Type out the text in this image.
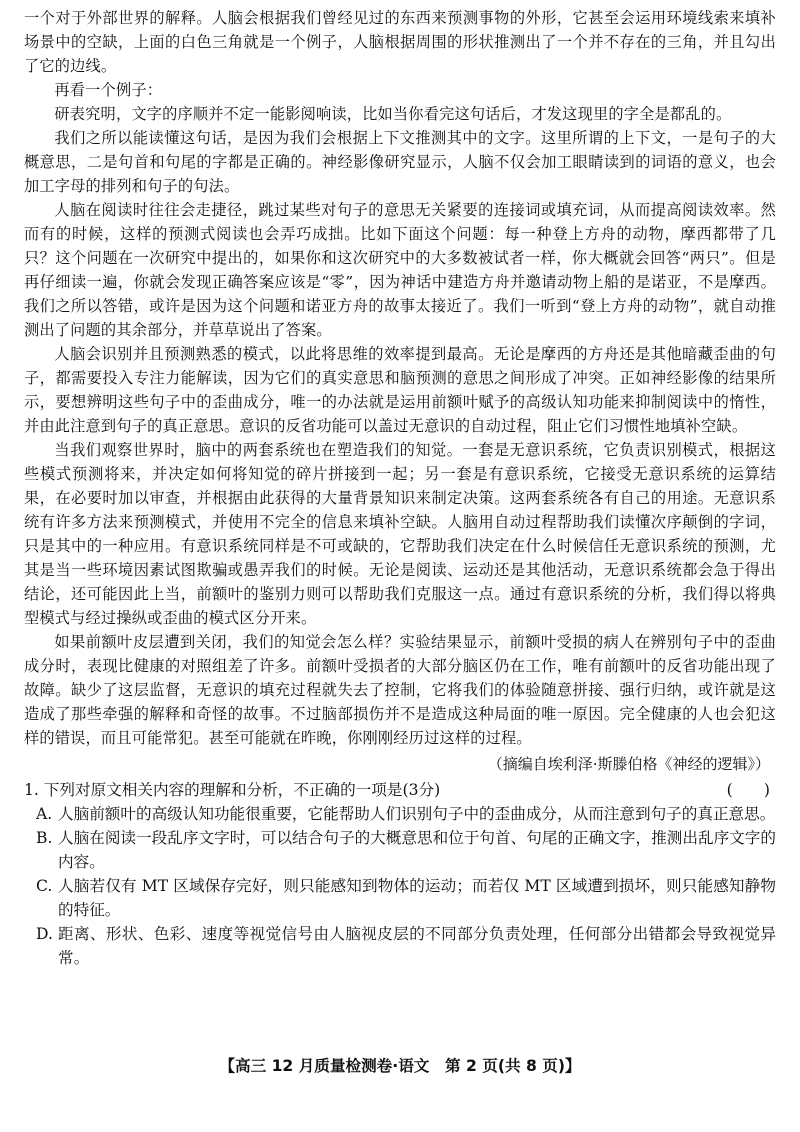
一个对于外部世界的解释。人脑会根据我们曾经见过的东西来预测事物的外形，它甚至会运用环境线索来填补场景中的空缺，上面的白色三角就是一个例子，人脑根据周围的形状推测出了一个并不存在的三角，并且勾出了它的边线。

再看一个例子：

研表究明，文字的序顺并不定一能影阅响读，比如当你看完这句话后，才发这现里的字全是都乱的。

我们之所以能读懂这句话，是因为我们会根据上下文推测其中的文字。这里所谓的上下文，一是句子的大概意思，二是句首和句尾的字都是正确的。神经影像研究显示，人脑不仅会加工眼睛读到的词语的意义，也会加工字母的排列和句子的句法。

人脑在阅读时往往会走捷径，跳过某些对句子的意思无关紧要的连接词或填充词，从而提高阅读效率。然而有的时候，这样的预测式阅读也会弄巧成拙。比如下面这个问题：每一种登上方舟的动物，摩西都带了几只？这个问题在一次研究中提出的，如果你和这次研究中的大多数被试者一样，你大概就会回答“两只”。但是再仔细读一遍，你就会发现正确答案应该是“零”，因为神话中建造方舟并邀请动物上船的是诺亚，不是摩西。我们之所以答错，或许是因为这个问题和诺亚方舟的故事太接近了。我们一听到“登上方舟的动物”，就自动推测出了问题的其余部分，并草草说出了答案。

人脑会识别并且预测熟悉的模式，以此将思维的效率提到最高。无论是摩西的方舟还是其他暗藏歪曲的句子，都需要投入专注力能解读，因为它们的真实意思和脑预测的意思之间形成了冲突。正如神经影像的结果所示，要想辨明这些句子中的歪曲成分，唯一的办法就是运用前额叶赋予的高级认知功能来抑制阅读中的惰性，并由此注意到句子的真正意思。意识的反省功能可以盖过无意识的自动过程，阻止它们习惯性地填补空缺。

当我们观察世界时，脑中的两套系统也在塑造我们的知觉。一套是无意识系统，它负责识别模式，根据这些模式预测将来，并决定如何将知觉的碎片拼接到一起；另一套是有意识系统，它接受无意识系统的运算结果，在必要时加以审查，并根据由此获得的大量背景知识来制定决策。这两套系统各有自己的用途。无意识系统有许多方法来预测模式，并使用不完全的信息来填补空缺。人脑用自动过程帮助我们读懂次序颠倒的字词，只是其中的一种应用。有意识系统同样是不可或缺的，它帮助我们决定在什么时候信任无意识系统的预测，尤其是当一些环境因素试图欺骗或愚弄我们的时候。无论是阅读、运动还是其他活动，无意识系统都会急于得出结论，还可能因此上当，前额叶的鉴别力则可以帮助我们克服这一点。通过有意识系统的分析，我们得以将典型模式与经过操纵或歪曲的模式区分开来。

如果前额叶皮层遭到关闭，我们的知觉会怎么样？实验结果显示，前额叶受损的病人在辨别句子中的歪曲成分时，表现比健康的对照组差了许多。前额叶受损者的大部分脑区仍在工作，唯有前额叶的反省功能出现了故障。缺少了这层监督，无意识的填充过程就失去了控制，它将我们的体验随意拼接、强行归纳，或许就是这造成了那些牵强的解释和奇怪的故事。不过脑部损伤并不是造成这种局面的唯一原因。完全健康的人也会犯这样的错误，而且可能常犯。甚至可能就在昨晚，你刚刚经历过这样的过程。

（摘编自埃利泽·斯滕伯格《神经的逻辑》）
1. 下列对原文相关内容的理解和分析，不正确的一项是(3分)	(　　)
A. 人脑前额叶的高级认知功能很重要，它能帮助人们识别句子中的歪曲成分，从而注意到句子的真正意思。
B. 人脑在阅读一段乱序文字时，可以结合句子的大概意思和位于句首、句尾的正确文字，推测出乱序文字的内容。
C. 人脑若仅有 MT 区域保存完好，则只能感知到物体的运动；而若仅 MT 区域遭到损坏，则只能感知静物的特征。
D. 距离、形状、色彩、速度等视觉信号由人脑视皮层的不同部分负责处理，任何部分出错都会导致视觉异常。
【高三 12 月质量检测卷·语文　第 2 页(共 8 页)】
